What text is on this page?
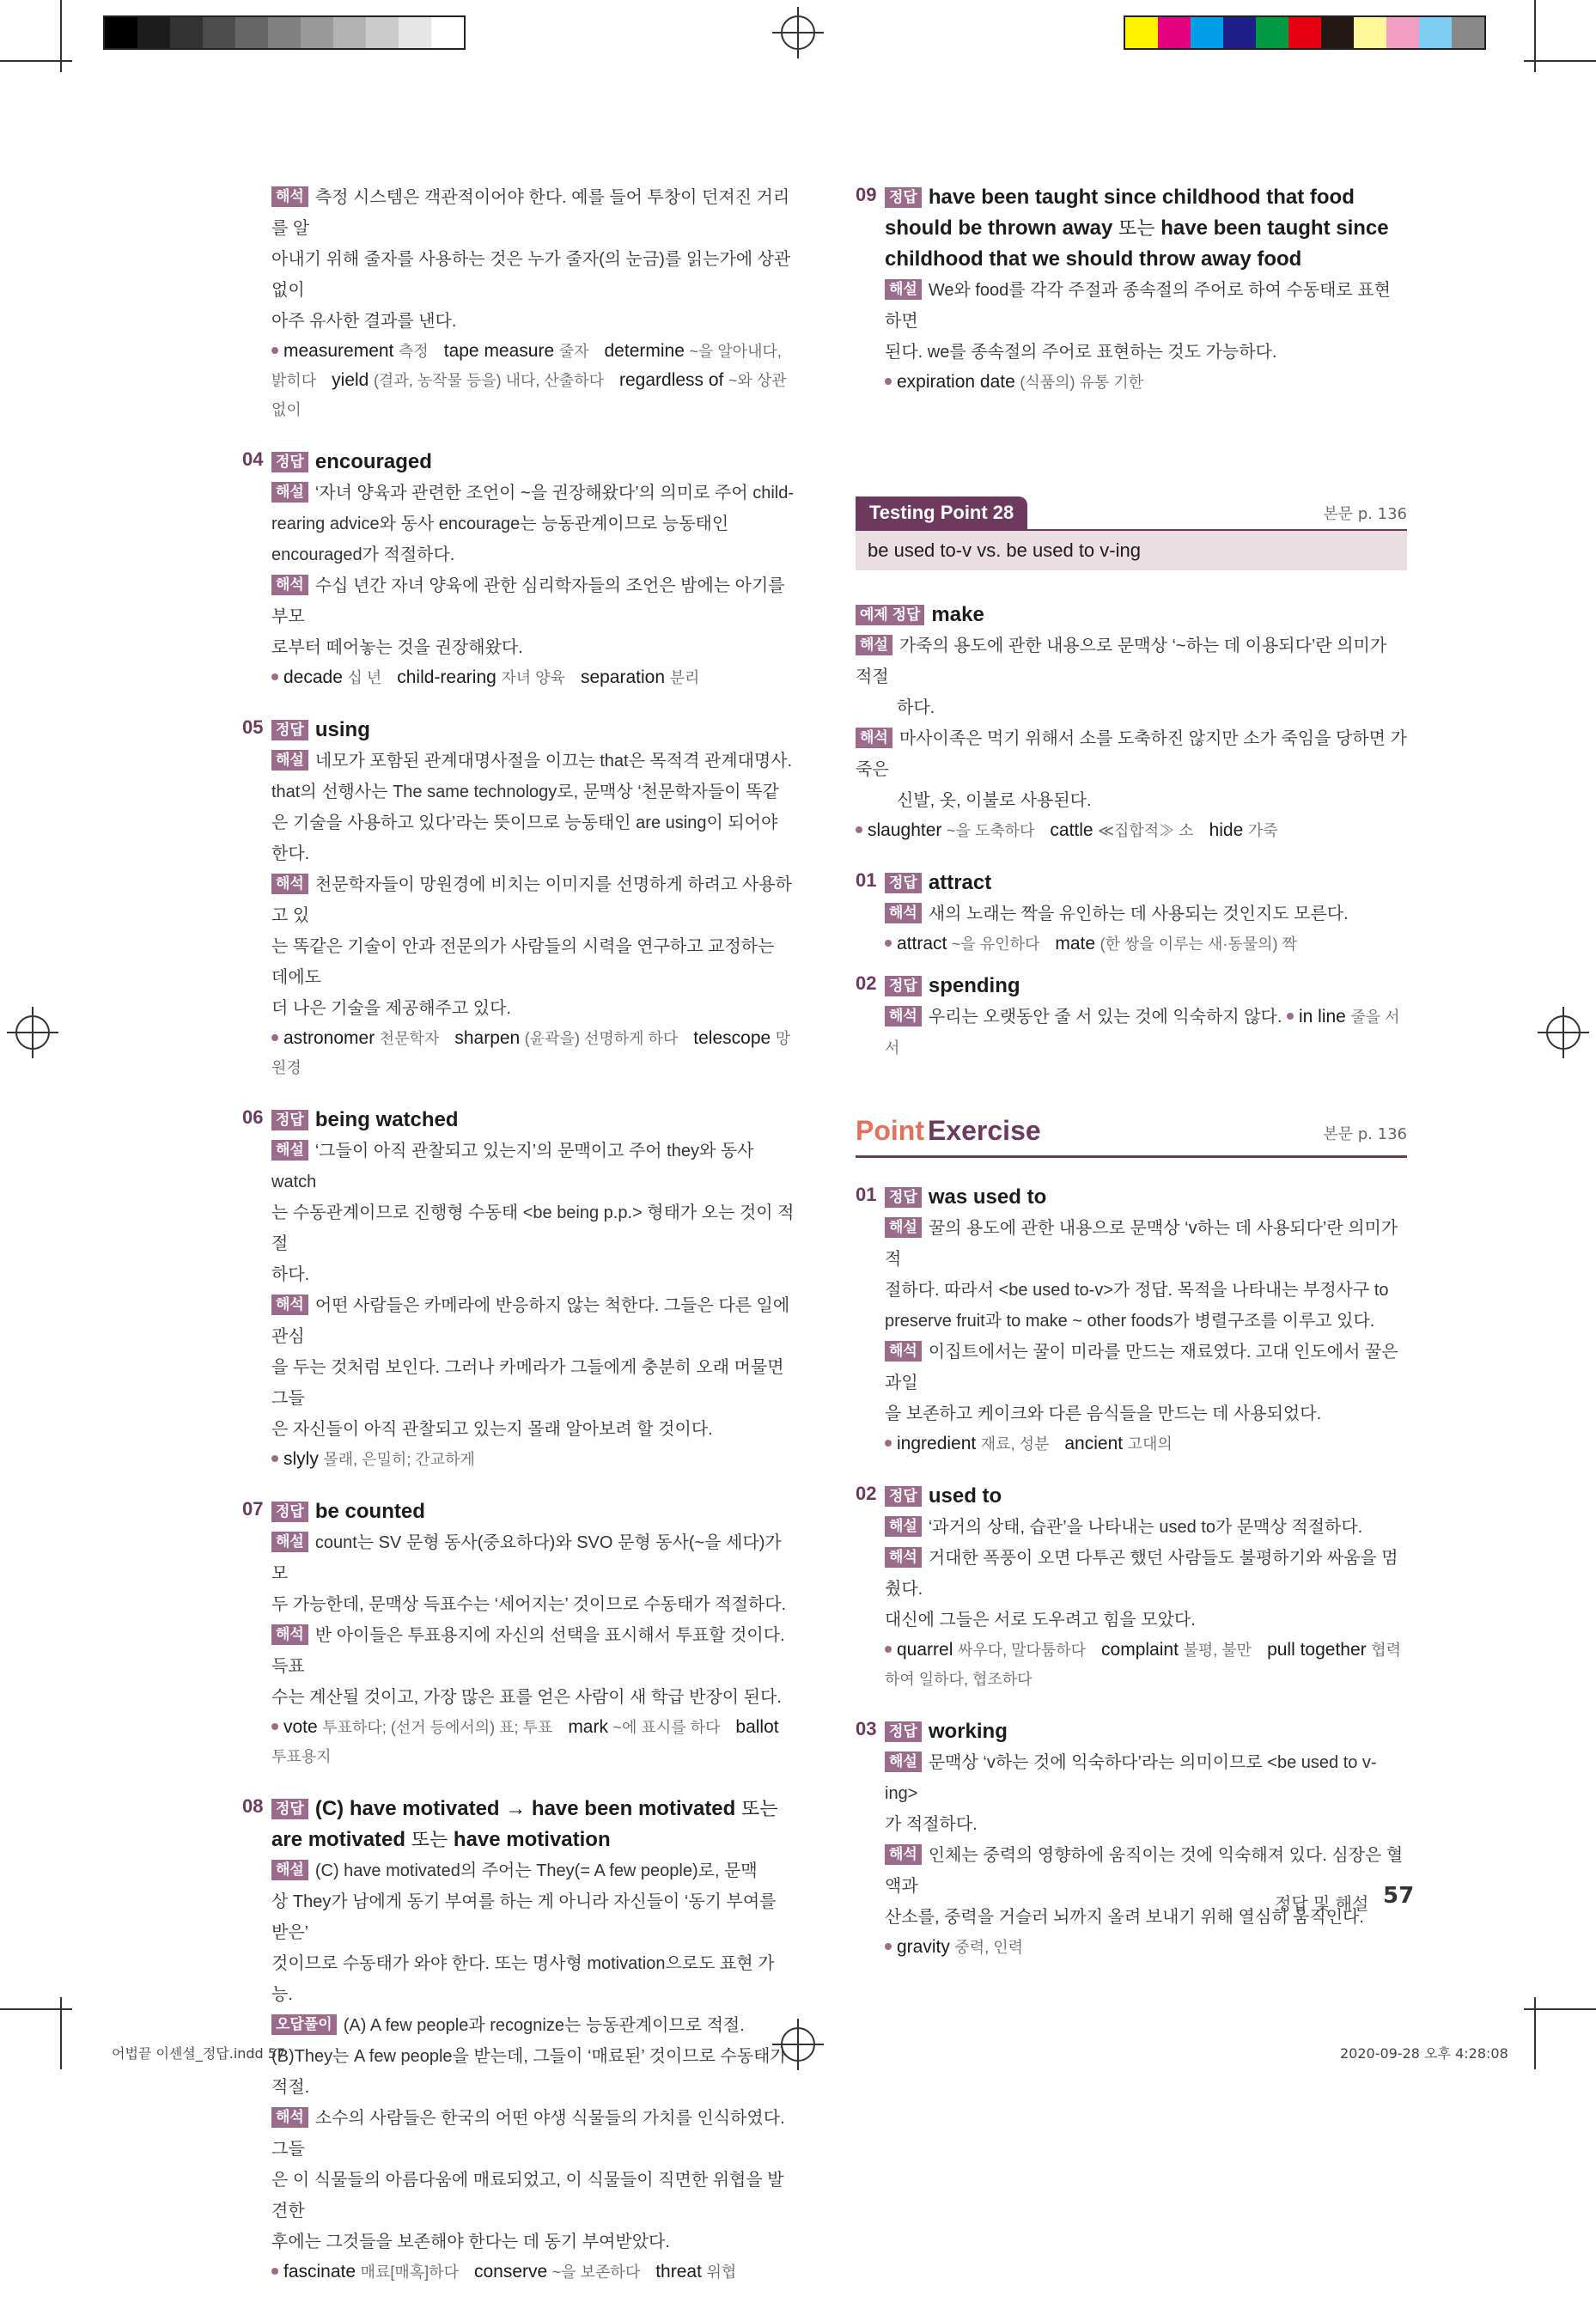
해석 측정 시스템은 객관적이어야 한다. 예를 들어 투창이 던져진 거리를 알
아내기 위해 줄자를 사용하는 것은 누가 줄자(의 눈금)를 읽는가에 상관없이
아주 유사한 결과를 낸다.
measurement 측정 tape measure 줄자 determine ~을 알아내다, 밝히다 yield (결과, 농작물 등을) 내다, 산출하다 regardless of ~와 상관없이
04 정답 encouraged
해설 ‘자녀 양육과 관련한 조언이 ~을 권장해왔다’의 의미로 주어 child-
rearing advice와 동사 encourage는 능동관계이므로 능동태인
encouraged가 적절하다.
해석 수십 년간 자녀 양육에 관한 심리학자들의 조언은 밤에는 아기를 부모
로부터 떼어놓는 것을 권장해왔다.
decade 십 년 child-rearing 자녀 양육 separation 분리
05 정답 using
해설 네모가 포함된 관계대명사절을 이끄는 that은 목적격 관계대명사.
that의 선행사는 The same technology로, 문맥상 ‘천문학자들이 똑같
은 기술을 사용하고 있다’라는 뜻이므로 능동태인 are using이 되어야 한다.
해석 천문학자들이 망원경에 비치는 이미지를 선명하게 하려고 사용하고 있
는 똑같은 기술이 안과 전문의가 사람들의 시력을 연구하고 교정하는 데에도
더 나은 기술을 제공해주고 있다.
astronomer 천문학자 sharpen (윤곽을) 선명하게 하다 telescope 망원경
06 정답 being watched
해설 ‘그들이 아직 관찰되고 있는지’의 문맥이고 주어 they와 동사 watch
는 수동관계이므로 진행형 수동태 <be being p.p.> 형태가 오는 것이 적절
하다.
해석 어떤 사람들은 카메라에 반응하지 않는 척한다. 그들은 다른 일에 관심
을 두는 것처럼 보인다. 그러나 카메라가 그들에게 충분히 오래 머물면 그들
은 자신들이 아직 관찰되고 있는지 몰래 알아보려 할 것이다.
slyly 몰래, 은밀히; 간교하게
07 정답 be counted
해설 count는 SV 문형 동사(중요하다)와 SVO 문형 동사(~을 세다)가 모
두 가능한데, 문맥상 득표수는 ‘세어지는’ 것이므로 수동태가 적절하다.
해석 반 아이들은 투표용지에 자신의 선택을 표시해서 투표할 것이다. 득표
수는 계산될 것이고, 가장 많은 표를 얻은 사람이 새 학급 반장이 된다.
vote 투표하다; (선거 등에서의) 표; 투표 mark ~에 표시를 하다 ballot 투표용지
08 정답 (C) have motivated → have been motivated 또는
are motivated 또는 have motivation
해설 (C) have motivated의 주어는 They(= A few people)로, 문맥
상 They가 남에게 동기 부여를 하는 게 아니라 자신들이 ‘동기 부여를 받은’
것이므로 수동태가 와야 한다. 또는 명사형 motivation으로도 표현 가능.
오답풀이 (A) A few people과 recognize는 능동관계이므로 적절.
(B)They는 A few people을 받는데, 그들이 ‘매료된’ 것이므로 수동태가
적절.
해석 소수의 사람들은 한국의 어떤 야생 식물들의 가치를 인식하였다. 그들
은 이 식물들의 아름다움에 매료되었고, 이 식물들이 직면한 위협을 발견한
후에는 그것들을 보존해야 한다는 데 동기 부여받았다.
fascinate 매료[매혹]하다 conserve ~을 보존하다 threat 위협
09 정답 have been taught since childhood that food
should be thrown away 또는 have been taught since
childhood that we should throw away food
해설 We와 food를 각각 주절과 종속절의 주어로 하여 수동태로 표현하면
된다. we를 종속절의 주어로 표현하는 것도 가능하다.
expiration date (식품의) 유통 기한
Testing Point 28	본문 p. 136
be used to-v vs. be used to v-ing
예제 정답 make
해설 가죽의 용도에 관한 내용으로 문맥상 ‘~하는 데 이용되다’란 의미가 적절
하다.
해석 마사이족은 먹기 위해서 소를 도축하진 않지만 소가 죽임을 당하면 가죽은
신발, 옷, 이불로 사용된다.
slaughter ~을 도축하다 cattle ≪집합적≫ 소 hide 가죽
01 정답 attract
해석 새의 노래는 짝을 유인하는 데 사용되는 것인지도 모른다.
attract ~을 유인하다 mate (한 쌍을 이루는 새·동물의) 짝
02 정답 spending
해석 우리는 오랫동안 줄 서 있는 것에 익숙하지 않다. in line 줄을 서서
Point Exercise	본문 p. 136
01 정답 was used to
해설 꿀의 용도에 관한 내용으로 문맥상 ‘v하는 데 사용되다’란 의미가 적
절하다. 따라서 <be used to-v>가 정답. 목적을 나타내는 부정사구 to
preserve fruit과 to make ~ other foods가 병렬구조를 이루고 있다.
해석 이집트에서는 꿀이 미라를 만드는 재료였다. 고대 인도에서 꿀은 과일
을 보존하고 케이크와 다른 음식들을 만드는 데 사용되었다.
ingredient 재료, 성분 ancient 고대의
02 정답 used to
해설 ‘과거의 상태, 습관’을 나타내는 used to가 문맥상 적절하다.
해석 거대한 폭풍이 오면 다투곤 했던 사람들도 불평하기와 싸움을 멈췄다.
대신에 그들은 서로 도우려고 힘을 모았다.
quarrel 싸우다, 말다툼하다 complaint 불평, 불만 pull together 협력하여 일하다, 협조하다
03 정답 working
해설 문맥상 ‘v하는 것에 익숙하다’라는 의미이므로 <be used to v-ing>
가 적절하다.
해석 인체는 중력의 영향하에 움직이는 것에 익숙해져 있다. 심장은 혈액과
산소를, 중력을 거슬러 뇌까지 올려 보내기 위해 열심히 움직인다.
gravity 중력, 인력
정답 및 해설 57
어법끝 이센셜_정답.indd 57	2020-09-28 오후 4:28:08
